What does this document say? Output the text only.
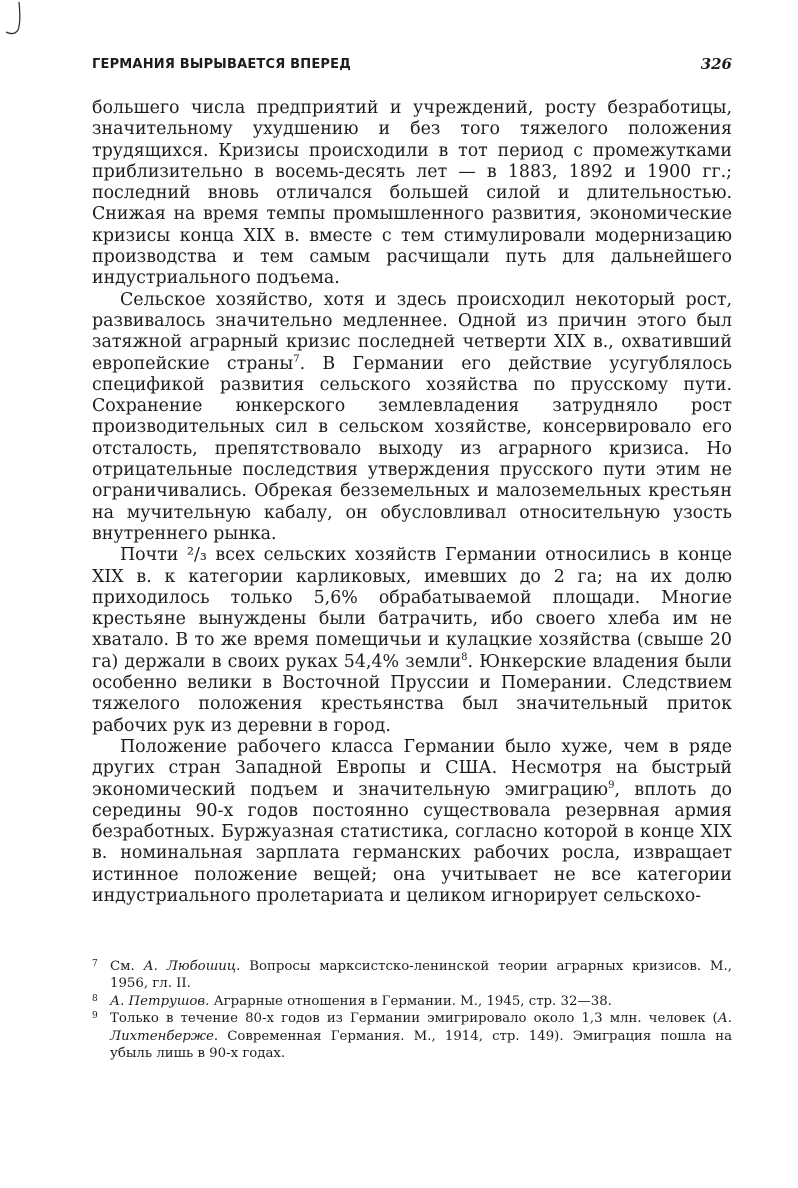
ГЕРМАНИЯ ВЫРЫВАЕТСЯ ВПЕРЕД	326

большего числа предприятий и учреждений, росту безработицы, значительному ухудшению и без того тяжелого положения трудящихся. Кризисы происходили в тот период с промежутками приблизительно в восемь-десять лет — в 1883, 1892 и 1900 гг.; последний вновь отличался большей силой и длительностью. Снижая на время темпы промышленного развития, экономические кризисы конца XIX в. вместе с тем стимулировали модернизацию производства и тем самым расчищали путь для дальнейшего индустриального подъема.

Сельское хозяйство, хотя и здесь происходил некоторый рост, развивалось значительно медленнее. Одной из причин этого был затяжной аграрный кризис последней четверти XIX в., охвативший европейские страны$^7$. В Германии его действие усугублялось спецификой развития сельского хозяйства по прусскому пути. Сохранение юнкерского землевладения затрудняло рост производительных сил в сельском хозяйстве, консервировало его отсталость, препятствовало выходу из аграрного кризиса. Но отрицательные последствия утверждения прусского пути этим не ограничивались. Обрекая безземельных и малоземельных крестьян на мучительную кабалу, он обусловливал относительную узость внутреннего рынка.

Почти ²/₃ всех сельских хозяйств Германии относились в конце XIX в. к категории карликовых, имевших до 2 га; на их долю приходилось только 5,6% обрабатываемой площади. Многие крестьяне вынуждены были батрачить, ибо своего хлеба им не хватало. В то же время помещичьи и кулацкие хозяйства (свыше 20 га) держали в своих руках 54,4% земли$^8$. Юнкерские владения были особенно велики в Восточной Пруссии и Померании. Следствием тяжелого положения крестьянства был значительный приток рабочих рук из деревни в город.

Положение рабочего класса Германии было хуже, чем в ряде других стран Западной Европы и США. Несмотря на быстрый экономический подъем и значительную эмиграцию$^9$, вплоть до середины 90-х годов постоянно существовала резервная армия безработных. Буржуазная статистика, согласно которой в конце XIX в. номинальная зарплата германских рабочих росла, извращает истинное положение вещей; она учитывает не все категории индустриального пролетариата и целиком игнорирует сельскохо-

7 См. А. Любошиц. Вопросы марксистско-ленинской теории аграрных кризисов. М., 1956, гл. II.

8 А. Петрушов. Аграрные отношения в Германии. М., 1945, стр. 32—38.

9 Только в течение 80-х годов из Германии эмигрировало около 1,3 млн. человек (А. Лихтенберже. Современная Германия. М., 1914, стр. 149). Эмиграция пошла на убыль лишь в 90-х годах.
